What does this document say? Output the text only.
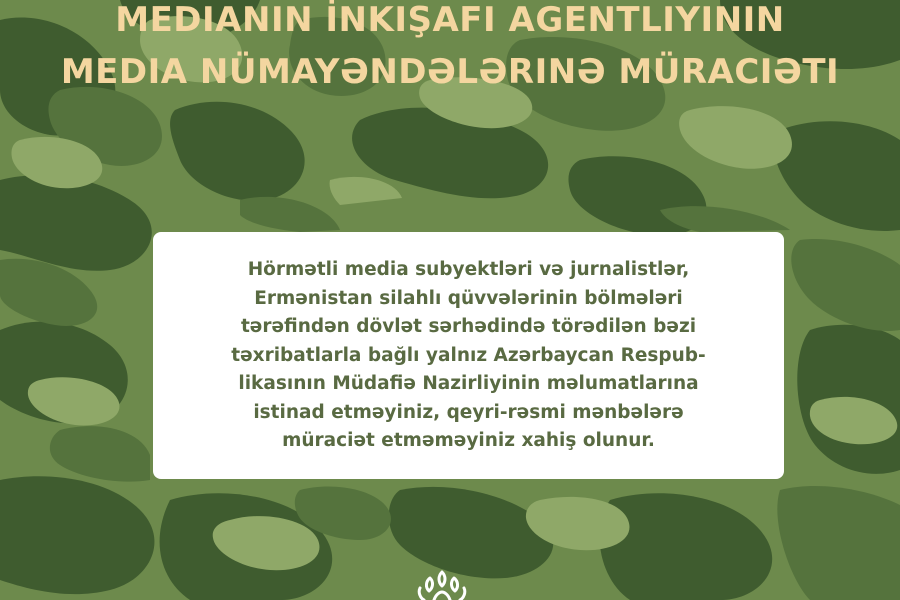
MEDIANIN İNKIŞAFI AGENTLIYININ
MEDIA NÜMAYƏNDƏLƏRINƏ MÜRACIƏTI
Hörmətli media subyektləri və jurnalistlər,
Ermənistan silahlı qüvvələrinin bölmələri
tərəfindən dövlət sərhədində törədilən bəzi
təxribatlarla bağlı yalnız Azərbaycan Respub-
likasının Müdafiə Nazirliyinin məlumatlarına
istinad etməyiniz, qeyri-rəsmi mənbələrə
müraciət etməməyiniz xahiş olunur.
